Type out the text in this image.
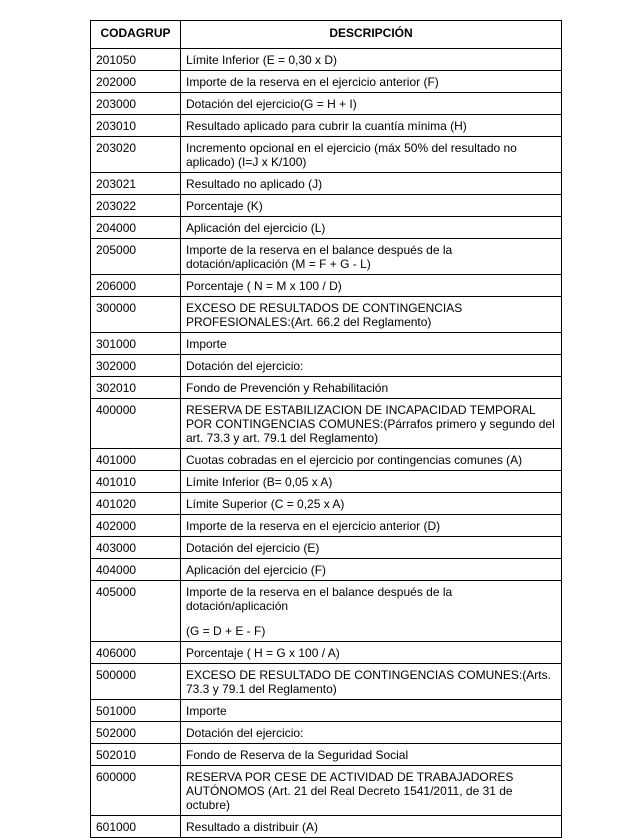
CODAGRUP	DESCRIPCIÓN
201050	Límite Inferior (E = 0,30 x D)

202000	Importe de la reserva en el ejercicio anterior (F)

203000	Dotación del ejercicio(G = H + I)

203010	Resultado aplicado para cubrir la cuantía mínima (H)

203020	Incremento opcional en el ejercicio (máx 50% del resultado no aplicado) (I=J x K/100)

203021	Resultado no aplicado (J)

203022	Porcentaje (K)

204000	Aplicación del ejercicio (L)

205000	Importe de la reserva en el balance después de la dotación/aplicación (M = F + G - L)

206000	Porcentaje ( N = M x 100 / D)

300000	EXCESO DE RESULTADOS DE CONTINGENCIAS PROFESIONALES:(Art. 66.2 del Reglamento)

301000	Importe

302000	Dotación del ejercicio:

302010	Fondo de Prevención y Rehabilitación

400000	RESERVA DE ESTABILIZACION DE INCAPACIDAD TEMPORAL POR CONTINGENCIAS COMUNES:(Párrafos primero y segundo del art. 73.3 y art. 79.1 del Reglamento)

401000	Cuotas cobradas en el ejercicio por contingencias comunes (A)

401010	Límite Inferior (B= 0,05 x A)

401020	Límite Superior (C = 0,25 x A)

402000	Importe de la reserva en el ejercicio anterior (D)

403000	Dotación del ejercicio (E)

404000	Aplicación del ejercicio (F)

405000	Importe de la reserva en el balance después de la dotación/aplicación
(G = D + E - F)

406000	Porcentaje ( H = G x 100 / A)

500000	EXCESO DE RESULTADO DE CONTINGENCIAS COMUNES:(Arts. 73.3 y 79.1 del Reglamento)

501000	Importe

502000	Dotación del ejercicio:

502010	Fondo de Reserva de la Seguridad Social

600000	RESERVA POR CESE DE ACTIVIDAD DE TRABAJADORES AUTÓNOMOS (Art. 21 del Real Decreto 1541/2011, de 31 de octubre)

601000	Resultado a distribuir (A)
